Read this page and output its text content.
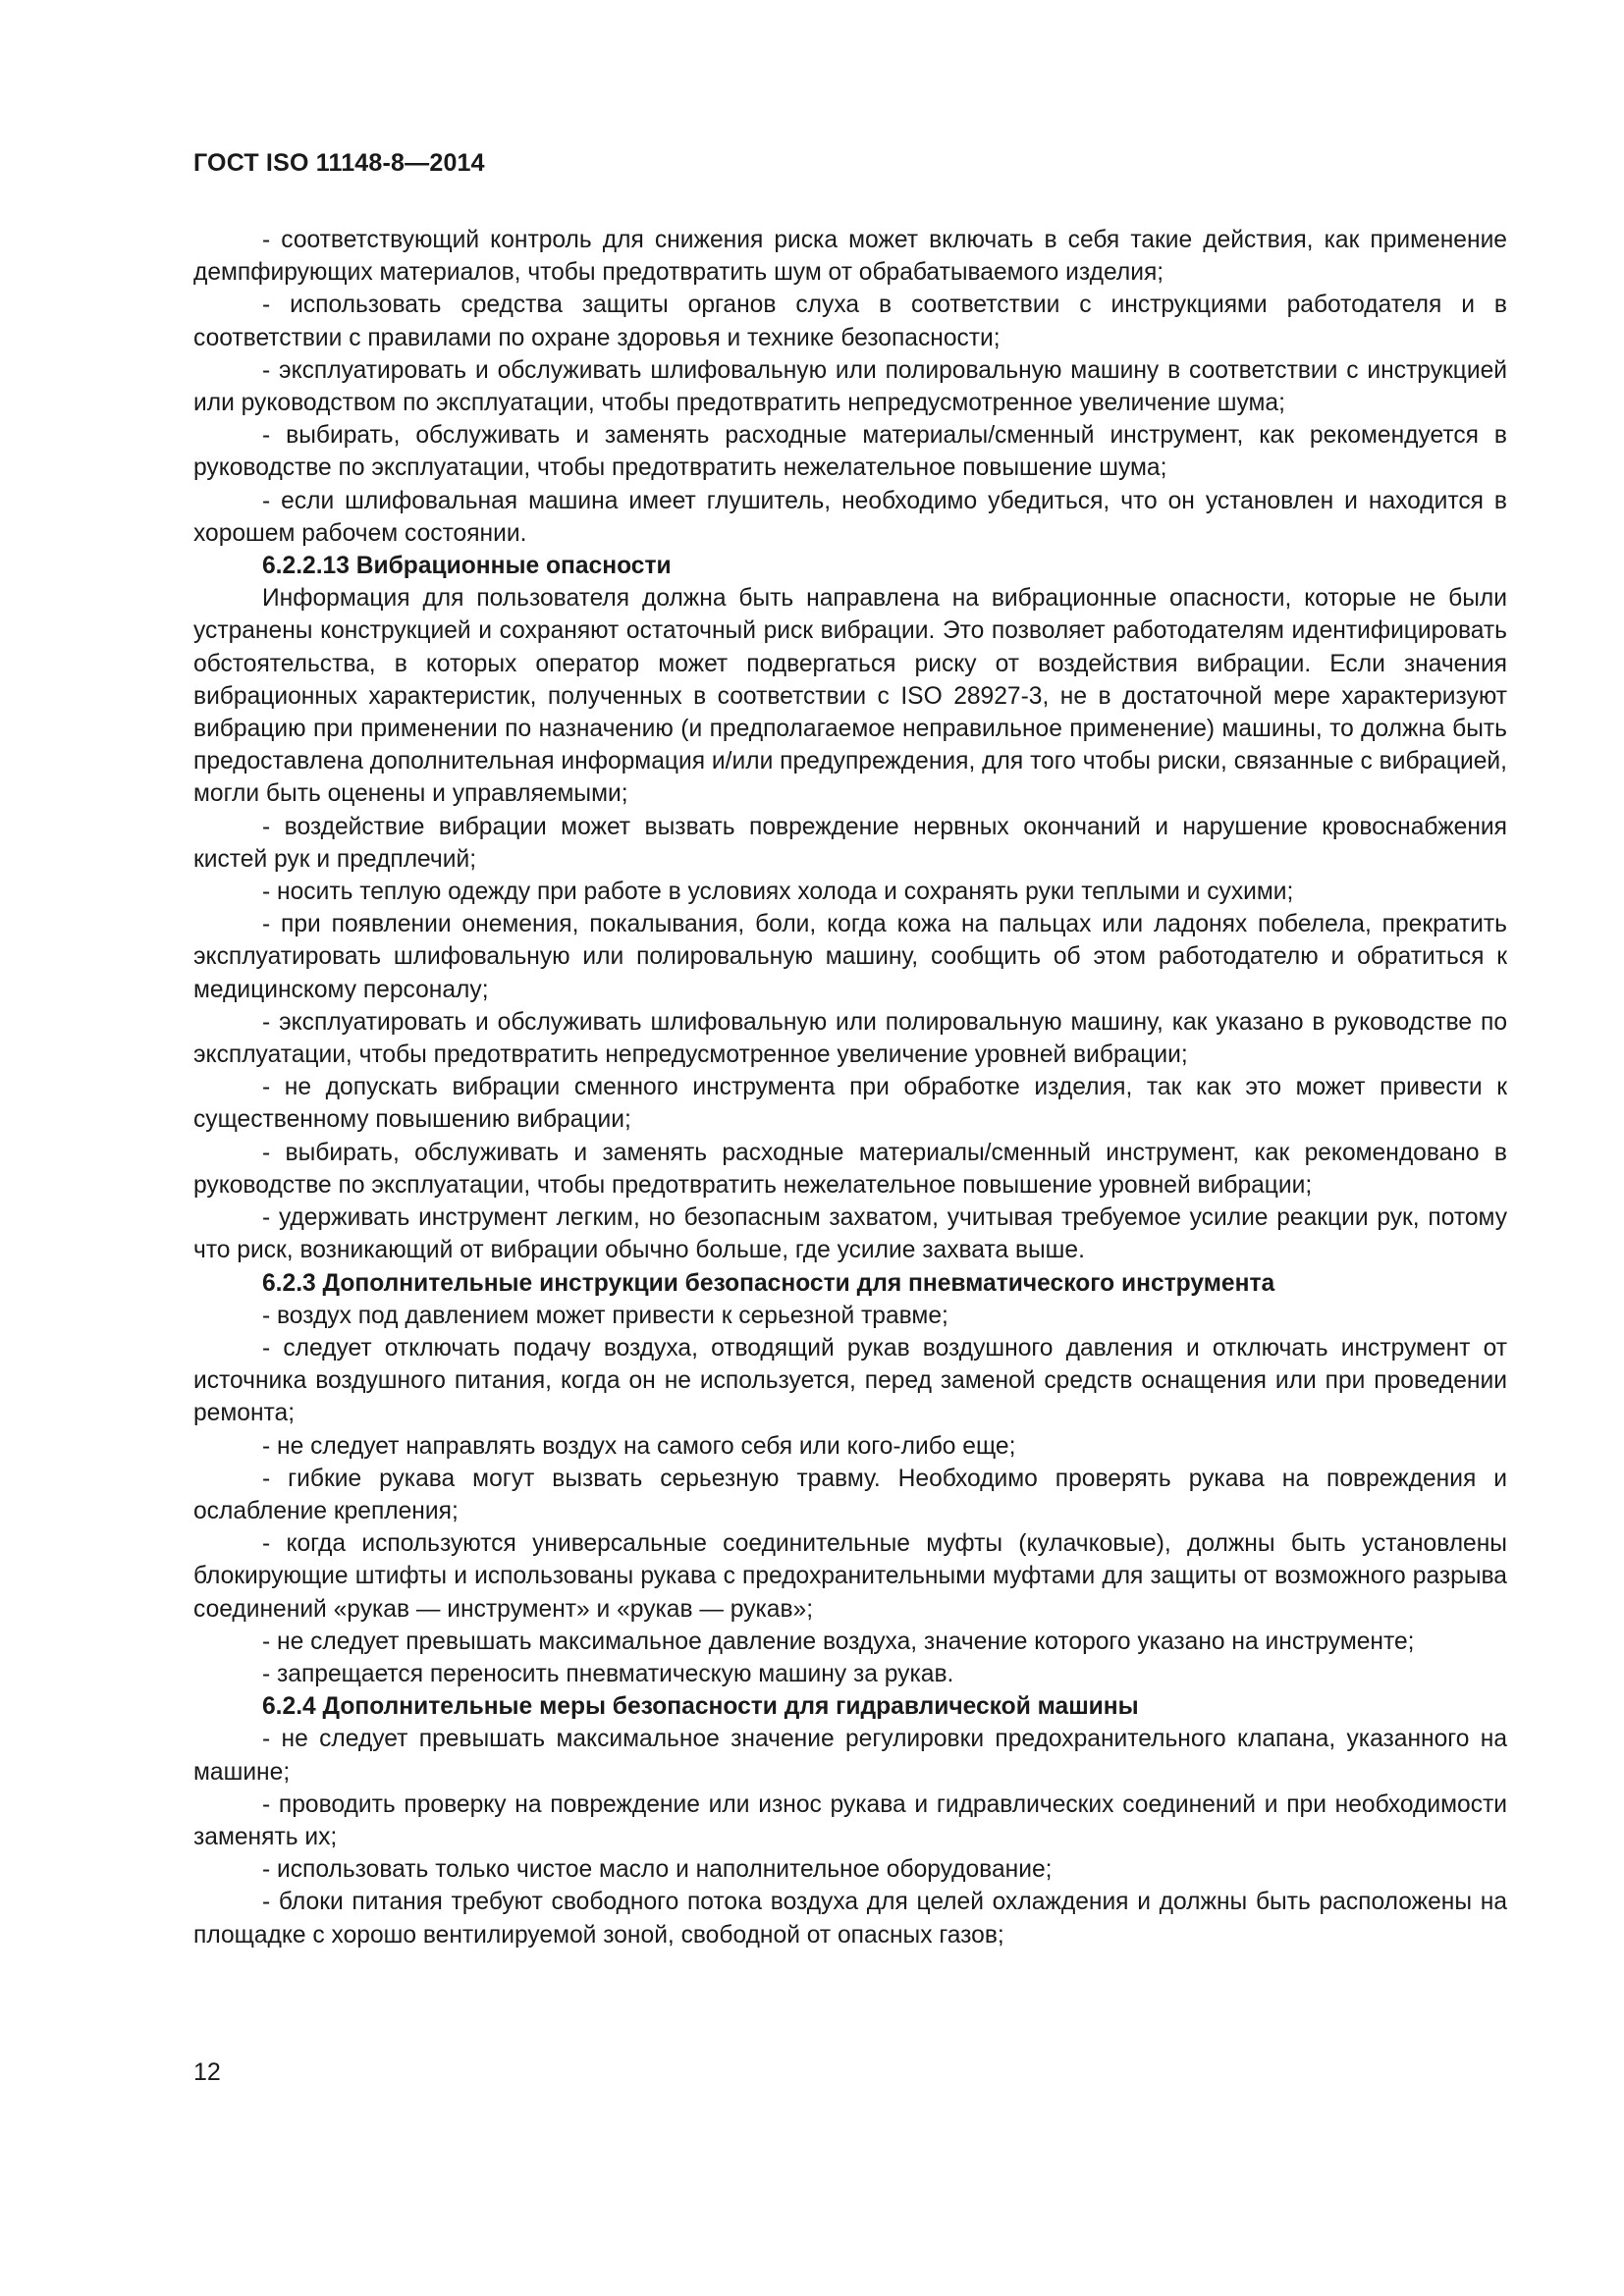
ГОСТ ISO 11148-8—2014

- соответствующий контроль для снижения риска может включать в себя такие действия, как применение демпфирующих материалов, чтобы предотвратить шум от обрабатываемого изделия;

- использовать средства защиты органов слуха в соответствии с инструкциями работодателя и в соответствии с правилами по охране здоровья и технике безопасности;

- эксплуатировать и обслуживать шлифовальную или полировальную машину в соответствии с инструкцией или руководством по эксплуатации, чтобы предотвратить непредусмотренное увеличение шума;

- выбирать, обслуживать и заменять расходные материалы/сменный инструмент, как рекомендуется в руководстве по эксплуатации, чтобы предотвратить нежелательное повышение шума;

- если шлифовальная машина имеет глушитель, необходимо убедиться, что он установлен и находится в хорошем рабочем состоянии.

6.2.2.13 Вибрационные опасности

Информация для пользователя должна быть направлена на вибрационные опасности, которые не были устранены конструкцией и сохраняют остаточный риск вибрации. Это позволяет работодателям идентифицировать обстоятельства, в которых оператор может подвергаться риску от воздействия вибрации. Если значения вибрационных характеристик, полученных в соответствии с ISO 28927-3, не в достаточной мере характеризуют вибрацию при применении по назначению (и предполагаемое неправильное применение) машины, то должна быть предоставлена дополнительная информация и/или предупреждения, для того чтобы риски, связанные с вибрацией, могли быть оценены и управляемыми;

- воздействие вибрации может вызвать повреждение нервных окончаний и нарушение кровоснабжения кистей рук и предплечий;

- носить теплую одежду при работе в условиях холода и сохранять руки теплыми и сухими;

- при появлении онемения, покалывания, боли, когда кожа на пальцах или ладонях побелела, прекратить эксплуатировать шлифовальную или полировальную машину, сообщить об этом работодателю и обратиться к медицинскому персоналу;

- эксплуатировать и обслуживать шлифовальную или полировальную машину, как указано в руководстве по эксплуатации, чтобы предотвратить непредусмотренное увеличение уровней вибрации;

- не допускать вибрации сменного инструмента при обработке изделия, так как это может привести к существенному повышению вибрации;

- выбирать, обслуживать и заменять расходные материалы/сменный инструмент, как рекомендовано в руководстве по эксплуатации, чтобы предотвратить нежелательное повышение уровней вибрации;

- удерживать инструмент легким, но безопасным захватом, учитывая требуемое усилие реакции рук, потому что риск, возникающий от вибрации обычно больше, где усилие захвата выше.

6.2.3 Дополнительные инструкции безопасности для пневматического инструмента

- воздух под давлением может привести к серьезной травме;

- следует отключать подачу воздуха, отводящий рукав воздушного давления и отключать инструмент от источника воздушного питания, когда он не используется, перед заменой средств оснащения или при проведении ремонта;

- не следует направлять воздух на самого себя или кого-либо еще;

- гибкие рукава могут вызвать серьезную травму. Необходимо проверять рукава на повреждения и ослабление крепления;

- когда используются универсальные соединительные муфты (кулачковые), должны быть установлены блокирующие штифты и использованы рукава с предохранительными муфтами для защиты от возможного разрыва соединений «рукав — инструмент» и «рукав — рукав»;

- не следует превышать максимальное давление воздуха, значение которого указано на инструменте;

- запрещается переносить пневматическую машину за рукав.

6.2.4 Дополнительные меры безопасности для гидравлической машины

- не следует превышать максимальное значение регулировки предохранительного клапана, указанного на машине;

- проводить проверку на повреждение или износ рукава и гидравлических соединений и при необходимости заменять их;

- использовать только чистое масло и наполнительное оборудование;

- блоки питания требуют свободного потока воздуха для целей охлаждения и должны быть расположены на площадке с хорошо вентилируемой зоной, свободной от опасных газов;

12
